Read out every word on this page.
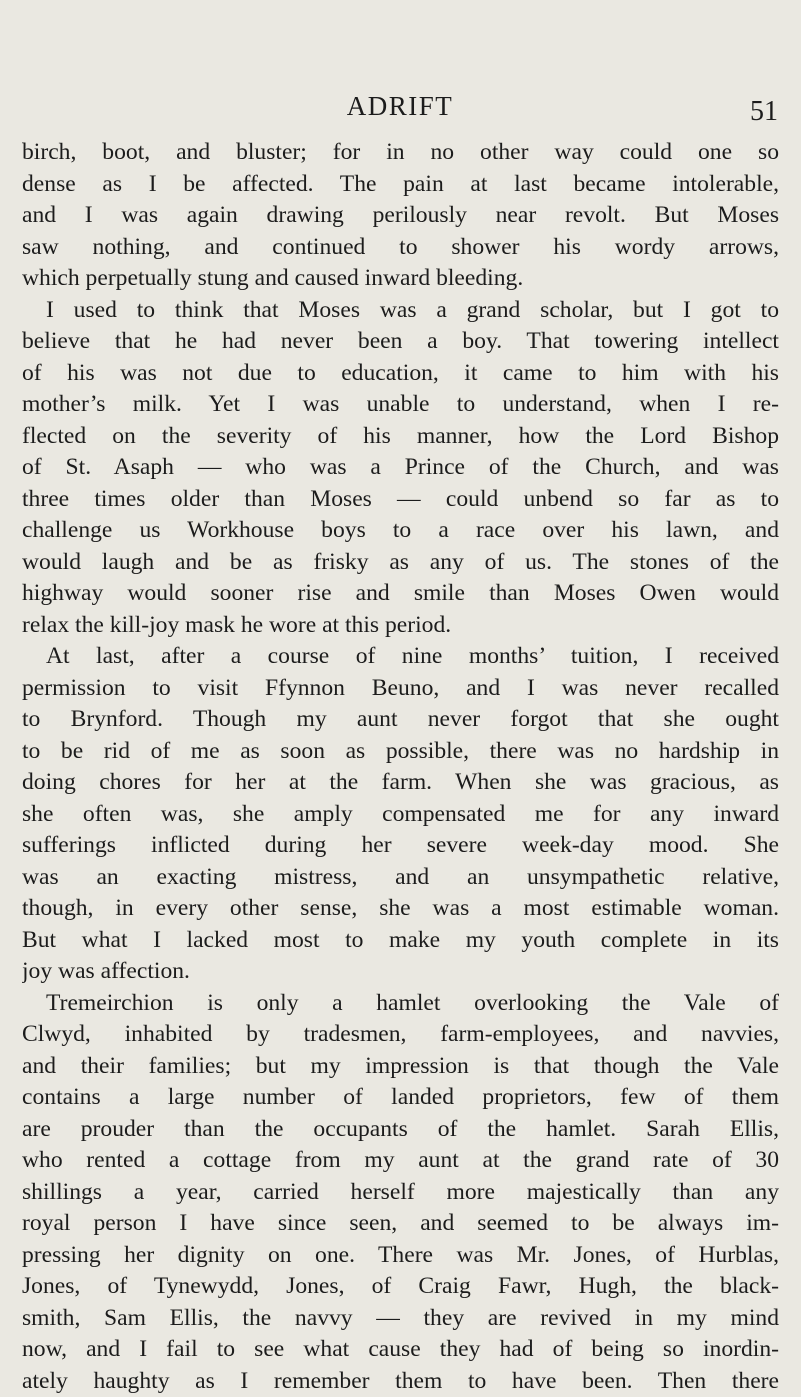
ADRIFT	51
birch, boot, and bluster; for in no other way could one so
dense as I be affected. The pain at last became intolerable,
and I was again drawing perilously near revolt. But Moses
saw nothing, and continued to shower his wordy arrows,
which perpetually stung and caused inward bleeding.
I used to think that Moses was a grand scholar, but I got to
believe that he had never been a boy. That towering intellect
of his was not due to education, it came to him with his
mother’s milk. Yet I was unable to understand, when I re-
flected on the severity of his manner, how the Lord Bishop
of St. Asaph — who was a Prince of the Church, and was
three times older than Moses — could unbend so far as to
challenge us Workhouse boys to a race over his lawn, and
would laugh and be as frisky as any of us. The stones of the
highway would sooner rise and smile than Moses Owen would
relax the kill-joy mask he wore at this period.
At last, after a course of nine months’ tuition, I received
permission to visit Ffynnon Beuno, and I was never recalled
to Brynford. Though my aunt never forgot that she ought
to be rid of me as soon as possible, there was no hardship in
doing chores for her at the farm. When she was gracious, as
she often was, she amply compensated me for any inward
sufferings inflicted during her severe week-day mood. She
was an exacting mistress, and an unsympathetic relative,
though, in every other sense, she was a most estimable woman.
But what I lacked most to make my youth complete in its
joy was affection.
Tremeirchion is only a hamlet overlooking the Vale of
Clwyd, inhabited by tradesmen, farm-employees, and navvies,
and their families; but my impression is that though the Vale
contains a large number of landed proprietors, few of them
are prouder than the occupants of the hamlet. Sarah Ellis,
who rented a cottage from my aunt at the grand rate of 30
shillings a year, carried herself more majestically than any
royal person I have since seen, and seemed to be always im-
pressing her dignity on one. There was Mr. Jones, of Hurblas,
Jones, of Tynewydd, Jones, of Craig Fawr, Hugh, the black-
smith, Sam Ellis, the navvy — they are revived in my mind
now, and I fail to see what cause they had of being so inordin-
ately haughty as I remember them to have been. Then there
